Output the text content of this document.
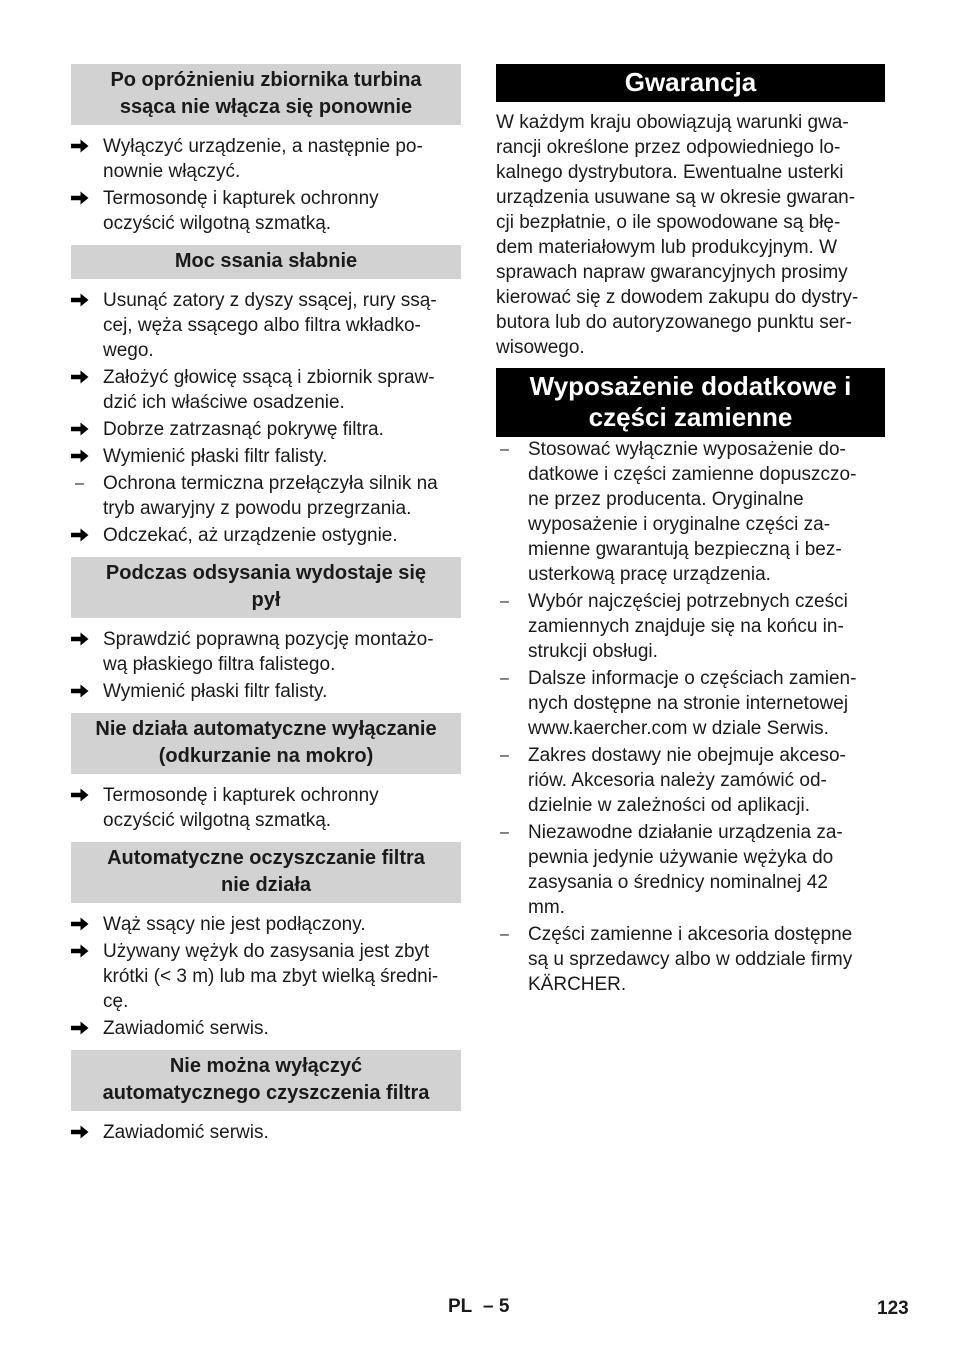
Po opróżnieniu zbiornika turbina
ssąca nie włącza się ponownie
Wyłączyć urządzenie, a następnie po-
nownie włączyć.
Termosondę i kapturek ochronny
oczyścić wilgotną szmatką.
Moc ssania słabnie
Usunąć zatory z dyszy ssącej, rury ssą-
cej, węża ssącego albo filtra wkładko-
wego.
Założyć głowicę ssącą i zbiornik spraw-
dzić ich właściwe osadzenie.
Dobrze zatrzasnąć pokrywę filtra.
Wymienić płaski filtr falisty.
–	Ochrona termiczna przełączyła silnik na
tryb awaryjny z powodu przegrzania.
Odczekać, aż urządzenie ostygnie.
Podczas odsysania wydostaje się
pył
Sprawdzić poprawną pozycję montażo-
wą płaskiego filtra falistego.
Wymienić płaski filtr falisty.
Nie działa automatyczne wyłączanie
(odkurzanie na mokro)
Termosondę i kapturek ochronny
oczyścić wilgotną szmatką.
Automatyczne oczyszczanie filtra
nie działa
Wąż ssący nie jest podłączony.
Używany wężyk do zasysania jest zbyt
krótki (< 3 m) lub ma zbyt wielką średni-
cę.
Zawiadomić serwis.
Nie można wyłączyć
automatycznego czyszczenia filtra
Zawiadomić serwis.
Gwarancja

W każdym kraju obowiązują warunki gwa-
rancji określone przez odpowiedniego lo-
kalnego dystrybutora. Ewentualne usterki
urządzenia usuwane są w okresie gwaran-
cji bezpłatnie, o ile spowodowane są błę-
dem materiałowym lub produkcyjnym. W
sprawach napraw gwarancyjnych prosimy
kierować się z dowodem zakupu do dystry-
butora lub do autoryzowanego punktu ser-
wisowego.

Wyposażenie dodatkowe i
części zamienne
–	Stosować wyłącznie wyposażenie do-
datkowe i części zamienne dopuszczo-
ne przez producenta. Oryginalne
wyposażenie i oryginalne części za-
mienne gwarantują bezpieczną i bez-
usterkową pracę urządzenia.
–	Wybór najczęściej potrzebnych cześci
zamiennych znajduje się na końcu in-
strukcji obsługi.
–	Dalsze informacje o częściach zamien-
nych dostępne na stronie internetowej
www.kaercher.com w dziale Serwis.
–	Zakres dostawy nie obejmuje akceso-
riów. Akcesoria należy zamówić od-
dzielnie w zależności od aplikacji.
–	Niezawodne działanie urządzenia za-
pewnia jedynie używanie wężyka do
zasysania o średnicy nominalnej 42
mm.
–	Części zamienne i akcesoria dostępne
są u sprzedawcy albo w oddziale firmy
KÄRCHER.
PL – 5	123
